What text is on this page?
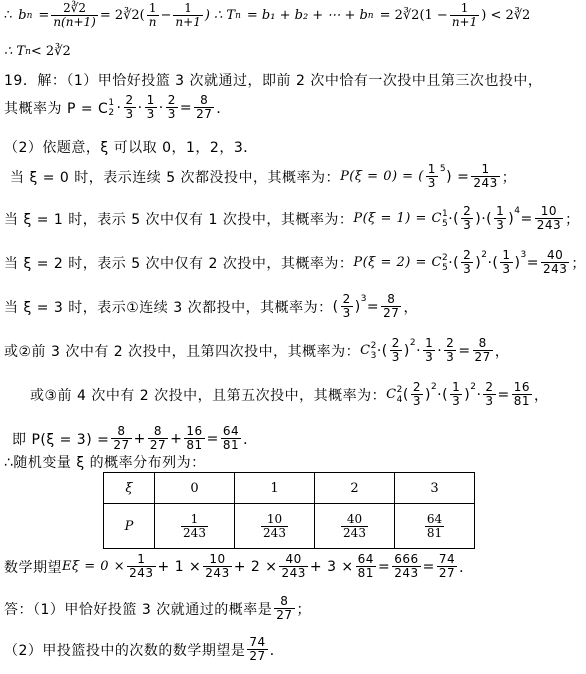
∴ b $n = \frac{2∛2}{n(n+1)}$ = 2∛2( $\frac{1}{n} - \frac{1}{n+1}$ ) ∴ T n = b₁ + b₂ + ⋯ + b n = 2∛2(1 − $\frac{1}{n+1}$ ) < 2∛2
∴ T n < 2∛2
19．解：（1）甲恰好投篮 3 次就通过，即前 2 次中恰有一次投中且第三次也投中，
其概率为 P = C 1
$2 \cdot \frac{2}{3} \cdot \frac{1}{3} \cdot \frac{2}{3} = \frac{8}{27}$ ．
（2）依题意，ξ 可以取 0，1，2，3．
当 ξ = 0 时，表示连续 5 次都没投中，其概率为： P(ξ = 0) = ( $\frac{1}{3} 5$ ) = $\frac{1}{243}$ ；
当 ξ = 1 时，表示 5 次中仅有 1 次投中，其概率为： P(ξ = 1) = C 1
5 ·( $\frac{2}{3}$ )·( $\frac{1}{3}$ ) $4 = \frac{10}{243}$ ；
当 ξ = 2 时，表示 5 次中仅有 2 次投中，其概率为： P(ξ = 2) = C 2
5 ·( $\frac{2}{3}$ ) 2 ·( $\frac{1}{3}$ ) $3 = \frac{40}{243}$ ；
当 ξ = 3 时，表示①连续 3 次都投中，其概率为： ( $\frac{2}{3}$ ) $3 = \frac{8}{27}$ ，
或②前 3 次中有 2 次投中，且第四次投中，其概率为： C 2
3 ·( $\frac{2}{3}$ ) $2 \cdot \frac{1}{3} \cdot \frac{2}{3} = \frac{8}{27}$ ，
或③前 4 次中有 2 次投中，且第五次投中，其概率为： C 2
4 ( $\frac{2}{3}$ ) 2 ·( $\frac{1}{3}$ ) $2 \cdot \frac{2}{3} = \frac{16}{81}$ ，
即 $P(\xi = 3) = \frac{8}{27} + \frac{8}{27} + \frac{16}{81} = \frac{64}{81}$ ．
∴随机变量 ξ 的概率分布列为：
ξ	0	1	2	3
P	$\frac{1}{243}$	$\frac{10}{243}$	$\frac{40}{243}$	$\frac{64}{81}$
数学期望 $E\xi = 0 \times \frac{1}{243} + 1 \times \frac{10}{243} + 2 \times \frac{40}{243} + 3 \times \frac{64}{81} = \frac{666}{243} = \frac{74}{27}$ ．
答：（1）甲恰好投篮 3 次就通过的概率是 $\frac{8}{27}$ ；
（2）甲投篮投中的次数的数学期望是 $\frac{74}{27}$ ．
